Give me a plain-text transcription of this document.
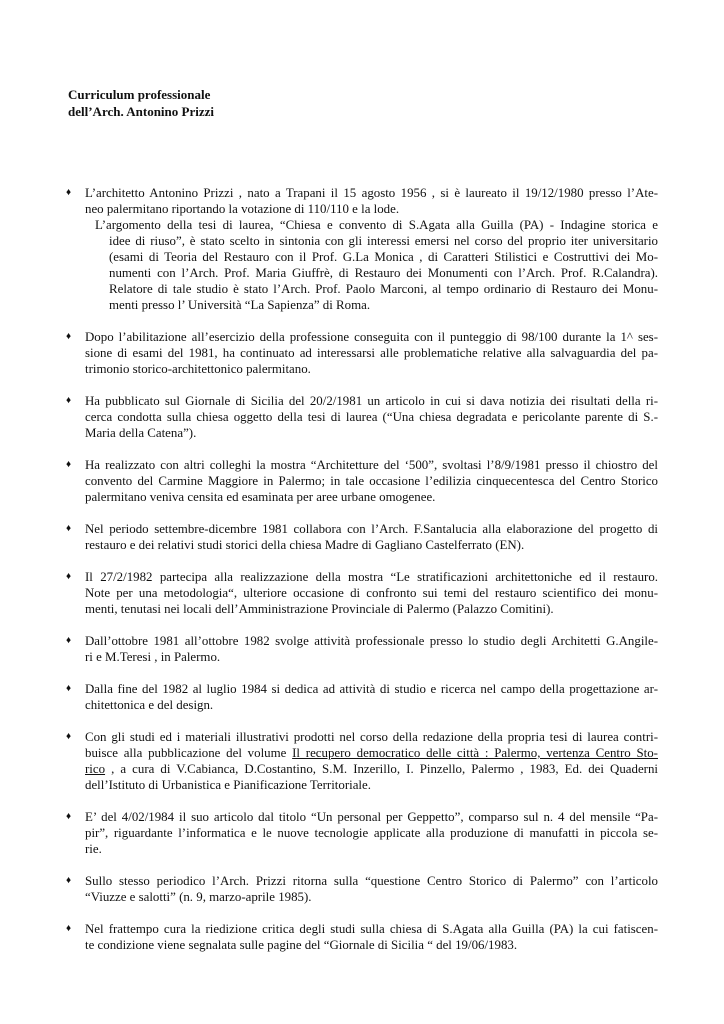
Curriculum professionale
dell’Arch. Antonino Prizzi
♦ L’architetto Antonino Prizzi , nato a Trapani il 15 agosto 1956 , si è laureato il 19/12/1980 presso l’Ate-
neo palermitano riportando la votazione di 110/110 e la lode.
L’argomento della tesi di laurea, “Chiesa e convento di S.Agata alla Guilla (PA) - Indagine storica e
idee di riuso”, è stato scelto in sintonia con gli interessi emersi nel corso del proprio iter universitario
(esami di Teoria del Restauro con il Prof. G.La Monica , di Caratteri Stilistici e Costruttivi dei Mo-
numenti con l’Arch. Prof. Maria Giuffrè, di Restauro dei Monumenti con l’Arch. Prof. R.Calandra).
Relatore di tale studio è stato l’Arch. Prof. Paolo Marconi, al tempo ordinario di Restauro dei Monu-
menti presso l’ Università “La Sapienza” di Roma.
♦ Dopo l’abilitazione all’esercizio della professione conseguita con il punteggio di 98/100 durante la 1^ ses-
sione di esami del 1981, ha continuato ad interessarsi alle problematiche relative alla salvaguardia del pa-
trimonio storico-architettonico palermitano.
♦ Ha pubblicato sul Giornale di Sicilia del 20/2/1981 un articolo in cui si dava notizia dei risultati della ri-
cerca condotta sulla chiesa oggetto della tesi di laurea (“Una chiesa degradata e pericolante parente di S.-
Maria della Catena”).
♦ Ha realizzato con altri colleghi la mostra “Architetture del ‘500”, svoltasi l’8/9/1981 presso il chiostro del
convento del Carmine Maggiore in Palermo; in tale occasione l’edilizia cinquecentesca del Centro Storico
palermitano veniva censita ed esaminata per aree urbane omogenee.
♦ Nel periodo settembre-dicembre 1981 collabora con l’Arch. F.Santalucia alla elaborazione del progetto di
restauro e dei relativi studi storici della chiesa Madre di Gagliano Castelferrato (EN).
♦ Il 27/2/1982 partecipa alla realizzazione della mostra “Le stratificazioni architettoniche ed il restauro.
Note per una metodologia“, ulteriore occasione di confronto sui temi del restauro scientifico dei monu-
menti, tenutasi nei locali dell’Amministrazione Provinciale di Palermo (Palazzo Comitini).
♦ Dall’ottobre 1981 all’ottobre 1982 svolge attività professionale presso lo studio degli Architetti G.Angile-
ri e M.Teresi , in Palermo.
♦ Dalla fine del 1982 al luglio 1984 si dedica ad attività di studio e ricerca nel campo della progettazione ar-
chitettonica e del design.
♦ Con gli studi ed i materiali illustrativi prodotti nel corso della redazione della propria tesi di laurea contri-
buisce alla pubblicazione del volume Il recupero democratico delle città : Palermo, vertenza Centro Sto-
rico , a cura di V.Cabianca, D.Costantino, S.M. Inzerillo, I. Pinzello, Palermo , 1983, Ed. dei Quaderni
dell’Istituto di Urbanistica e Pianificazione Territoriale.
♦ E’ del 4/02/1984 il suo articolo dal titolo “Un personal per Geppetto”, comparso sul n. 4 del mensile “Pa-
pir”, riguardante l’informatica e le nuove tecnologie applicate alla produzione di manufatti in piccola se-
rie.
♦ Sullo stesso periodico l’Arch. Prizzi ritorna sulla “questione Centro Storico di Palermo” con l’articolo
“Viuzze e salotti” (n. 9, marzo-aprile 1985).
♦ Nel frattempo cura la riedizione critica degli studi sulla chiesa di S.Agata alla Guilla (PA) la cui fatiscen-
te condizione viene segnalata sulle pagine del “Giornale di Sicilia “ del 19/06/1983.
